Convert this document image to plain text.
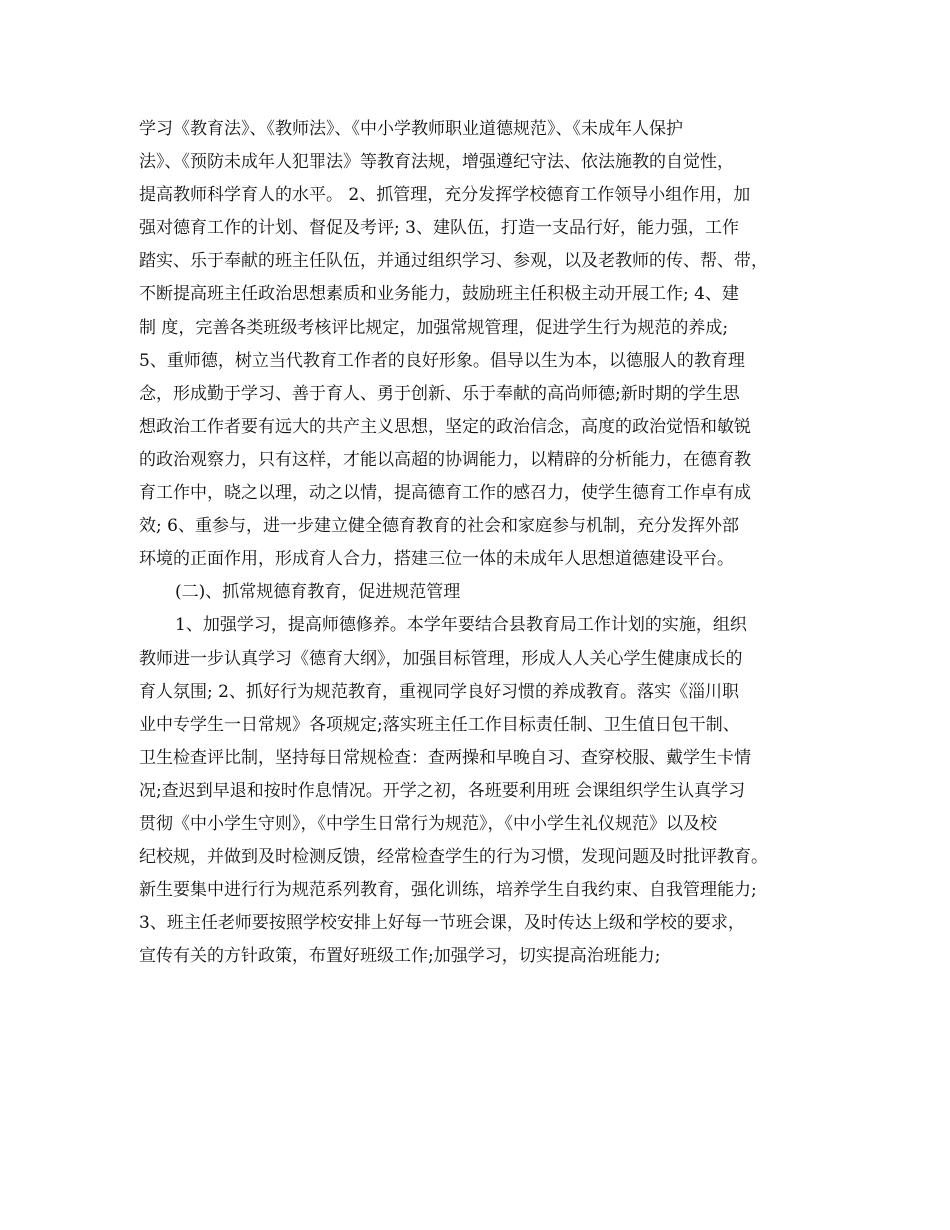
学习《教育法》、《教师法》、《中小学教师职业道德规范》、《未成年人保护
法》、《预防未成年人犯罪法》等教育法规，增强遵纪守法、依法施教的自觉性，
提高教师科学育人的水平。 2、抓管理，充分发挥学校德育工作领导小组作用，加
强对德育工作的计划、督促及考评; 3、建队伍，打造一支品行好，能力强，工作
踏实、乐于奉献的班主任队伍，并通过组织学习、参观，以及老教师的传、帮、带，
不断提高班主任政治思想素质和业务能力，鼓励班主任积极主动开展工作; 4、建
制 度，完善各类班级考核评比规定，加强常规管理，促进学生行为规范的养成;
5、重师德，树立当代教育工作者的良好形象。倡导以生为本，以德服人的教育理
念，形成勤于学习、善于育人、勇于创新、乐于奉献的高尚师德;新时期的学生思
想政治工作者要有远大的共产主义思想，坚定的政治信念，高度的政治觉悟和敏锐
的政治观察力，只有这样，才能以高超的协调能力，以精辟的分析能力，在德育教
育工作中，晓之以理，动之以情，提高德育工作的感召力，使学生德育工作卓有成
效; 6、重参与，进一步建立健全德育教育的社会和家庭参与机制，充分发挥外部
环境的正面作用，形成育人合力，搭建三位一体的未成年人思想道德建设平台。
(二)、抓常规德育教育，促进规范管理
1、加强学习，提高师德修养。本学年要结合县教育局工作计划的实施，组织
教师进一步认真学习《德育大纲》，加强目标管理，形成人人关心学生健康成长的
育人氛围; 2、抓好行为规范教育，重视同学良好习惯的养成教育。落实《淄川职
业中专学生一日常规》各项规定;落实班主任工作目标责任制、卫生值日包干制、
卫生检查评比制，坚持每日常规检查：查两操和早晚自习、查穿校服、戴学生卡情
况;查迟到早退和按时作息情况。开学之初，各班要利用班 会课组织学生认真学习
贯彻《中小学生守则》，《中学生日常行为规范》，《中小学生礼仪规范》以及校
纪校规，并做到及时检测反馈，经常检查学生的行为习惯，发现问题及时批评教育。
新生要集中进行行为规范系列教育，强化训练，培养学生自我约束、自我管理能力;
3、班主任老师要按照学校安排上好每一节班会课，及时传达上级和学校的要求，
宣传有关的方针政策，布置好班级工作;加强学习，切实提高治班能力;
